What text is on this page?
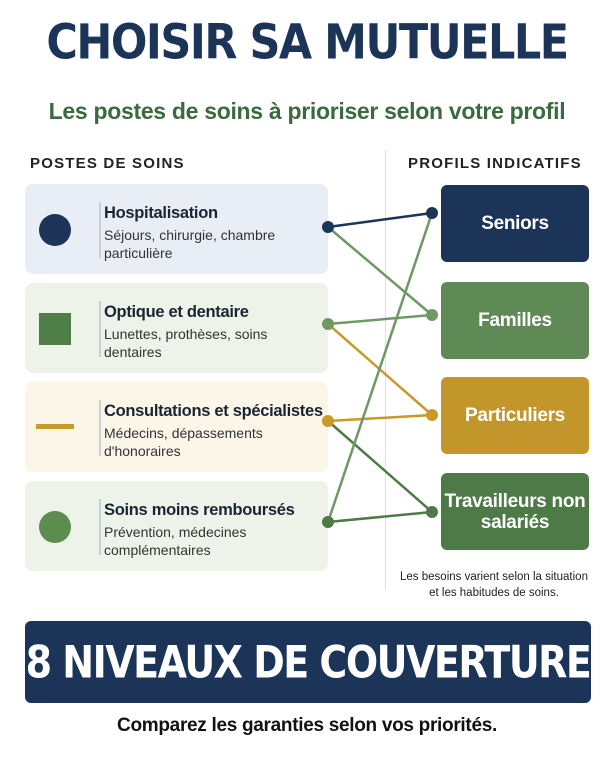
CHOISIR SA MUTUELLE
Les postes de soins à prioriser selon votre profil
POSTES DE SOINS	PROFILS INDICATIFS
Hospitalisation
Séjours, chirurgie, chambre particulière
Optique et dentaire
Lunettes, prothèses, soins dentaires
Consultations et spécialistes
Médecins, dépassements d'honoraires
Soins moins remboursés
Prévention, médecines complémentaires
Seniors
Familles
Particuliers
Travailleurs non salariés
Les besoins varient selon la situation et les habitudes de soins.
8 NIVEAUX DE COUVERTURE
Comparez les garanties selon vos priorités.
